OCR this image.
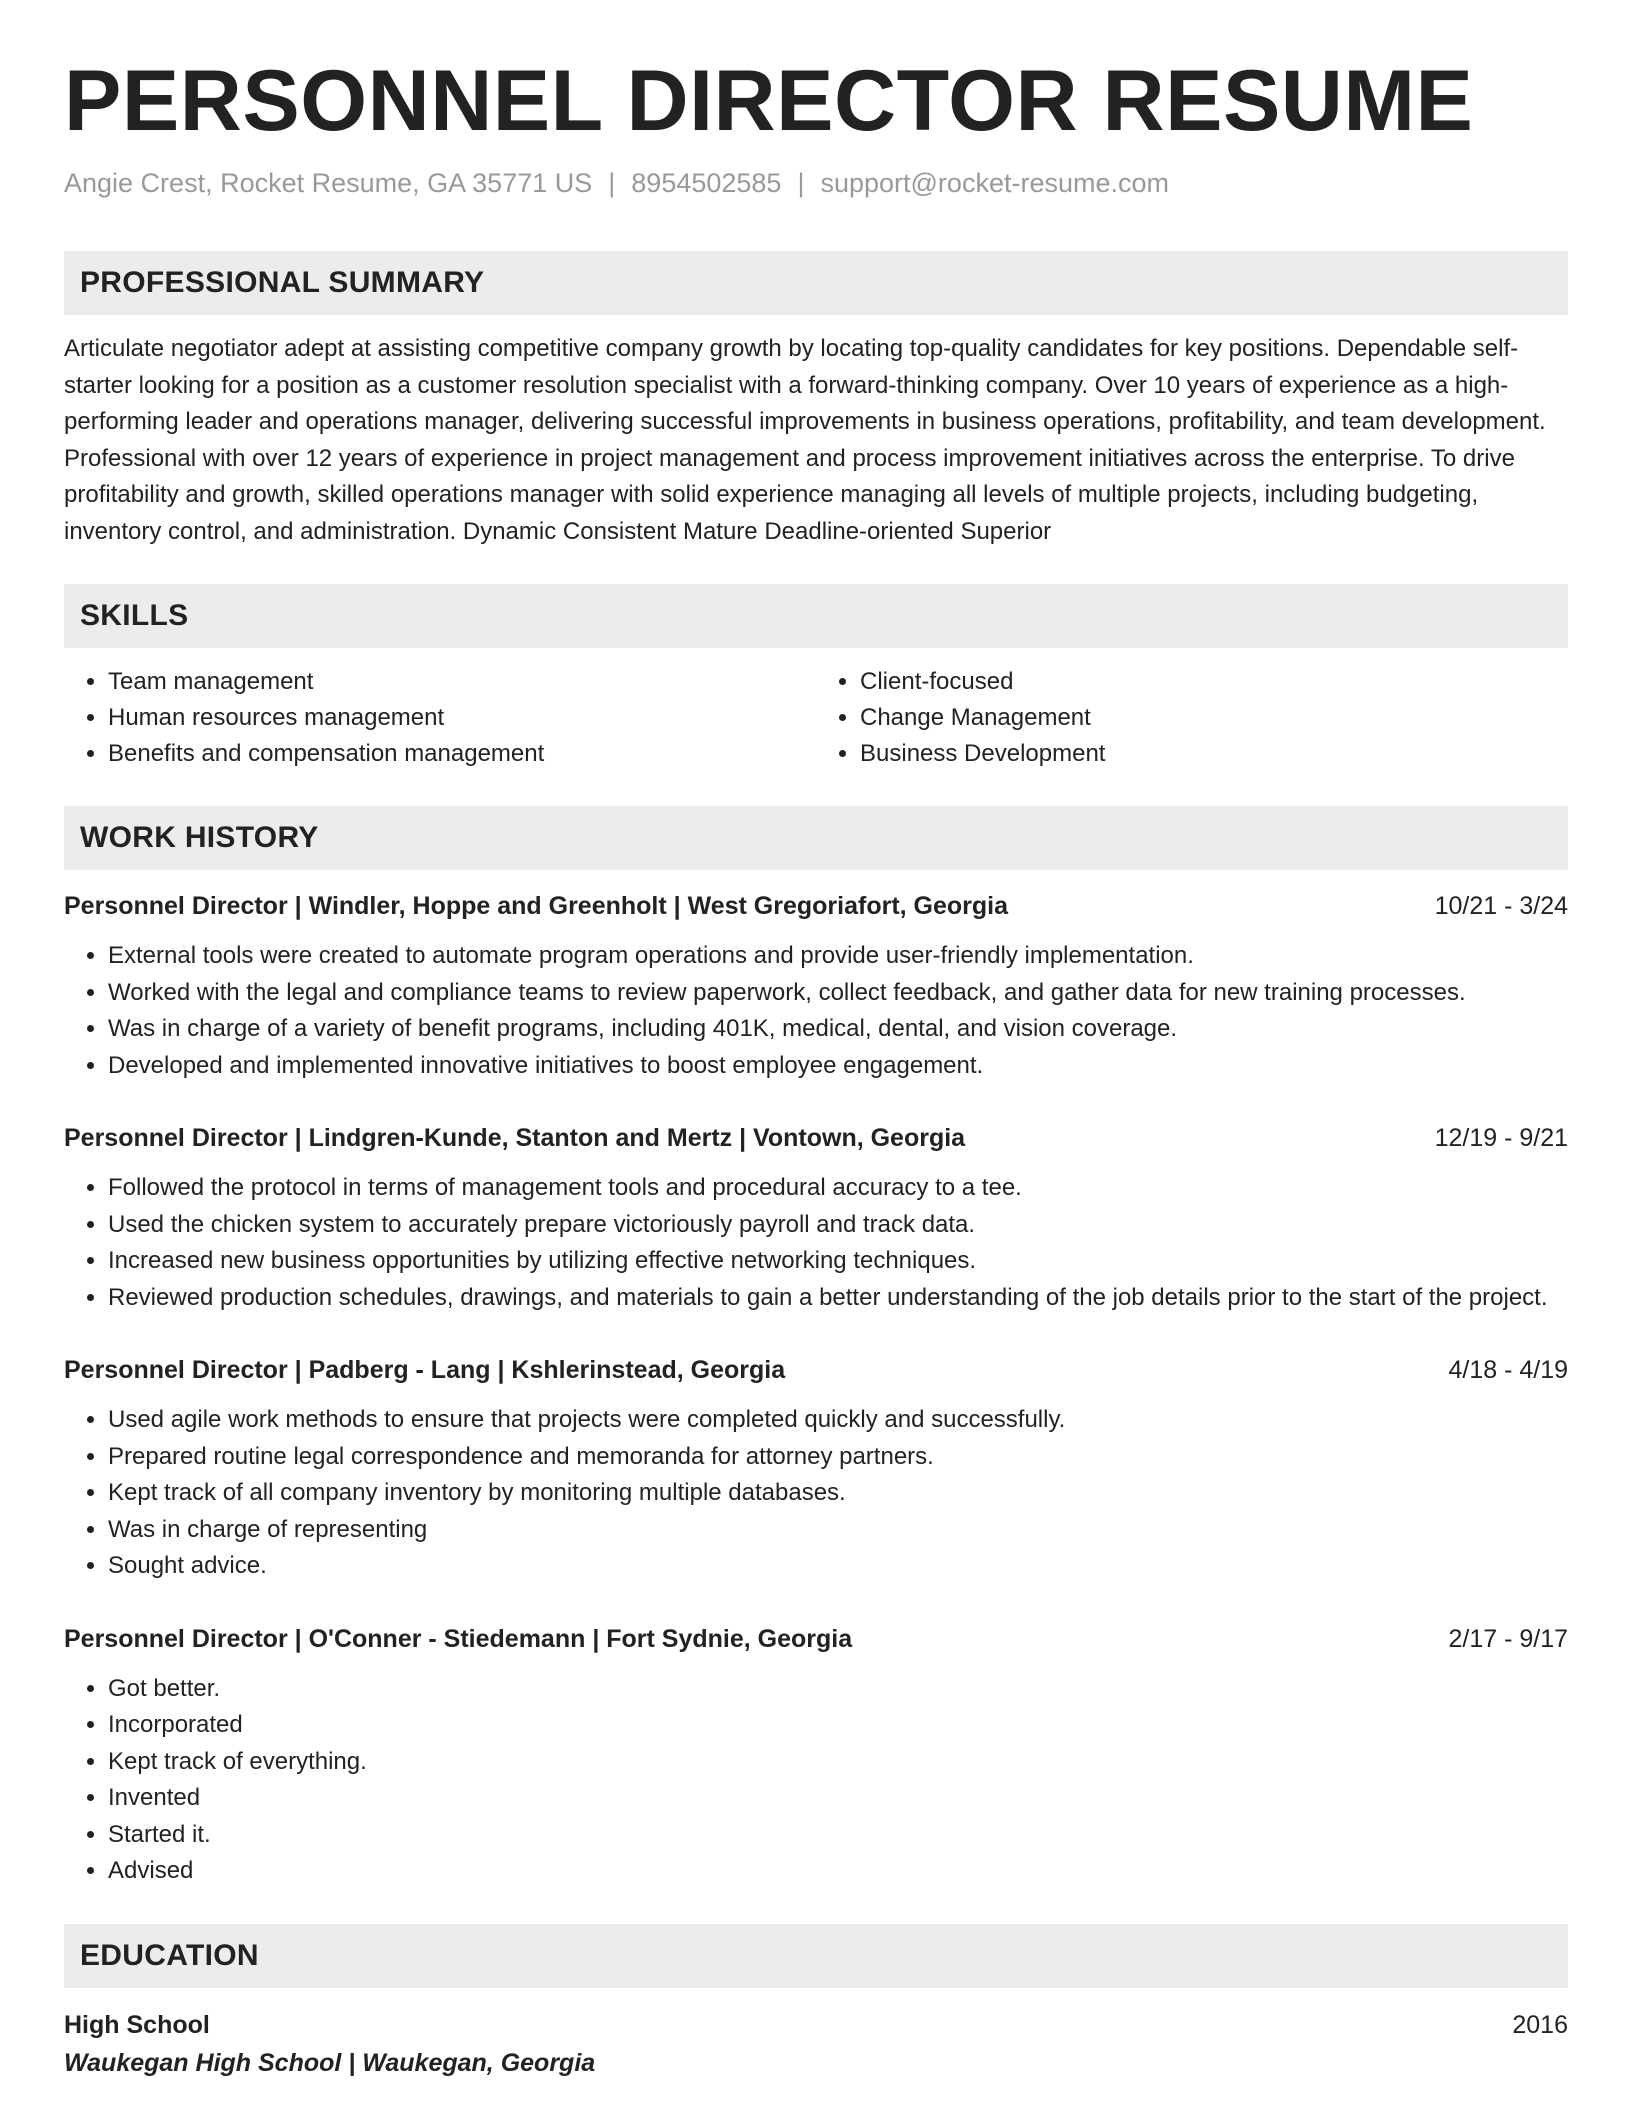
PERSONNEL DIRECTOR RESUME
Angie Crest, Rocket Resume, GA 35771 US | 8954502585 | support@rocket-resume.com
PROFESSIONAL SUMMARY
Articulate negotiator adept at assisting competitive company growth by locating top-quality candidates for key positions. Dependable self-starter looking for a position as a customer resolution specialist with a forward-thinking company. Over 10 years of experience as a high-performing leader and operations manager, delivering successful improvements in business operations, profitability, and team development. Professional with over 12 years of experience in project management and process improvement initiatives across the enterprise. To drive profitability and growth, skilled operations manager with solid experience managing all levels of multiple projects, including budgeting, inventory control, and administration. Dynamic Consistent Mature Deadline-oriented Superior
SKILLS
• Team management
• Human resources management
• Benefits and compensation management
• Client-focused
• Change Management
• Business Development
WORK HISTORY
Personnel Director | Windler, Hoppe and Greenholt | West Gregoriafort, Georgia	10/21 - 3/24
• External tools were created to automate program operations and provide user-friendly implementation.
• Worked with the legal and compliance teams to review paperwork, collect feedback, and gather data for new training processes.
• Was in charge of a variety of benefit programs, including 401K, medical, dental, and vision coverage.
• Developed and implemented innovative initiatives to boost employee engagement.
Personnel Director | Lindgren-Kunde, Stanton and Mertz | Vontown, Georgia	12/19 - 9/21
• Followed the protocol in terms of management tools and procedural accuracy to a tee.
• Used the chicken system to accurately prepare victoriously payroll and track data.
• Increased new business opportunities by utilizing effective networking techniques.
• Reviewed production schedules, drawings, and materials to gain a better understanding of the job details prior to the start of the project.
Personnel Director | Padberg - Lang | Kshlerinstead, Georgia	4/18 - 4/19
• Used agile work methods to ensure that projects were completed quickly and successfully.
• Prepared routine legal correspondence and memoranda for attorney partners.
• Kept track of all company inventory by monitoring multiple databases.
• Was in charge of representing
• Sought advice.
Personnel Director | O'Conner - Stiedemann | Fort Sydnie, Georgia	2/17 - 9/17
• Got better.
• Incorporated
• Kept track of everything.
• Invented
• Started it.
• Advised
EDUCATION
High School	2016
Waukegan High School | Waukegan, Georgia
